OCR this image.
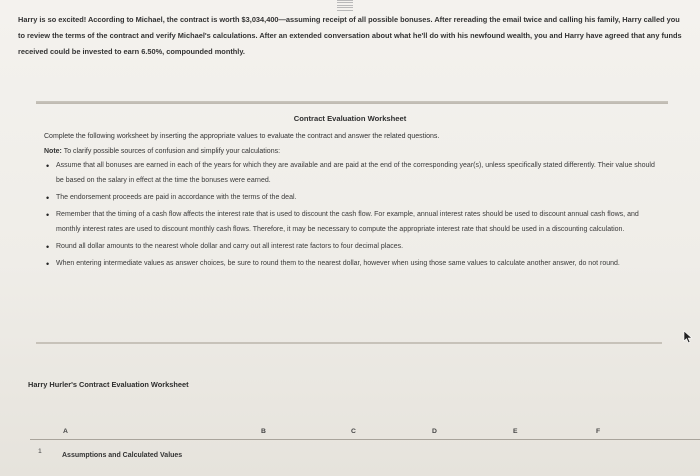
Harry is so excited! According to Michael, the contract is worth $3,034,400—assuming receipt of all possible bonuses. After rereading the email twice and calling his family, Harry called you to review the terms of the contract and verify Michael's calculations. After an extended conversation about what he'll do with his newfound wealth, you and Harry have agreed that any funds received could be invested to earn 6.50%, compounded monthly.
Contract Evaluation Worksheet

Complete the following worksheet by inserting the appropriate values to evaluate the contract and answer the related questions.

Note: To clarify possible sources of confusion and simplify your calculations:

• Assume that all bonuses are earned in each of the years for which they are available and are paid at the end of the corresponding year(s), unless specifically stated differently. Their value should be based on the salary in effect at the time the bonuses were earned.
• The endorsement proceeds are paid in accordance with the terms of the deal.
• Remember that the timing of a cash flow affects the interest rate that is used to discount the cash flow. For example, annual interest rates should be used to discount annual cash flows, and monthly interest rates are used to discount monthly cash flows. Therefore, it may be necessary to compute the appropriate interest rate that should be used in a discounting calculation.
• Round all dollar amounts to the nearest whole dollar and carry out all interest rate factors to four decimal places.
• When entering intermediate values as answer choices, be sure to round them to the nearest dollar, however when using those same values to calculate another answer, do not round.
Harry Hurler's Contract Evaluation Worksheet
A	B	C	D	E	F
1
Assumptions and Calculated Values
